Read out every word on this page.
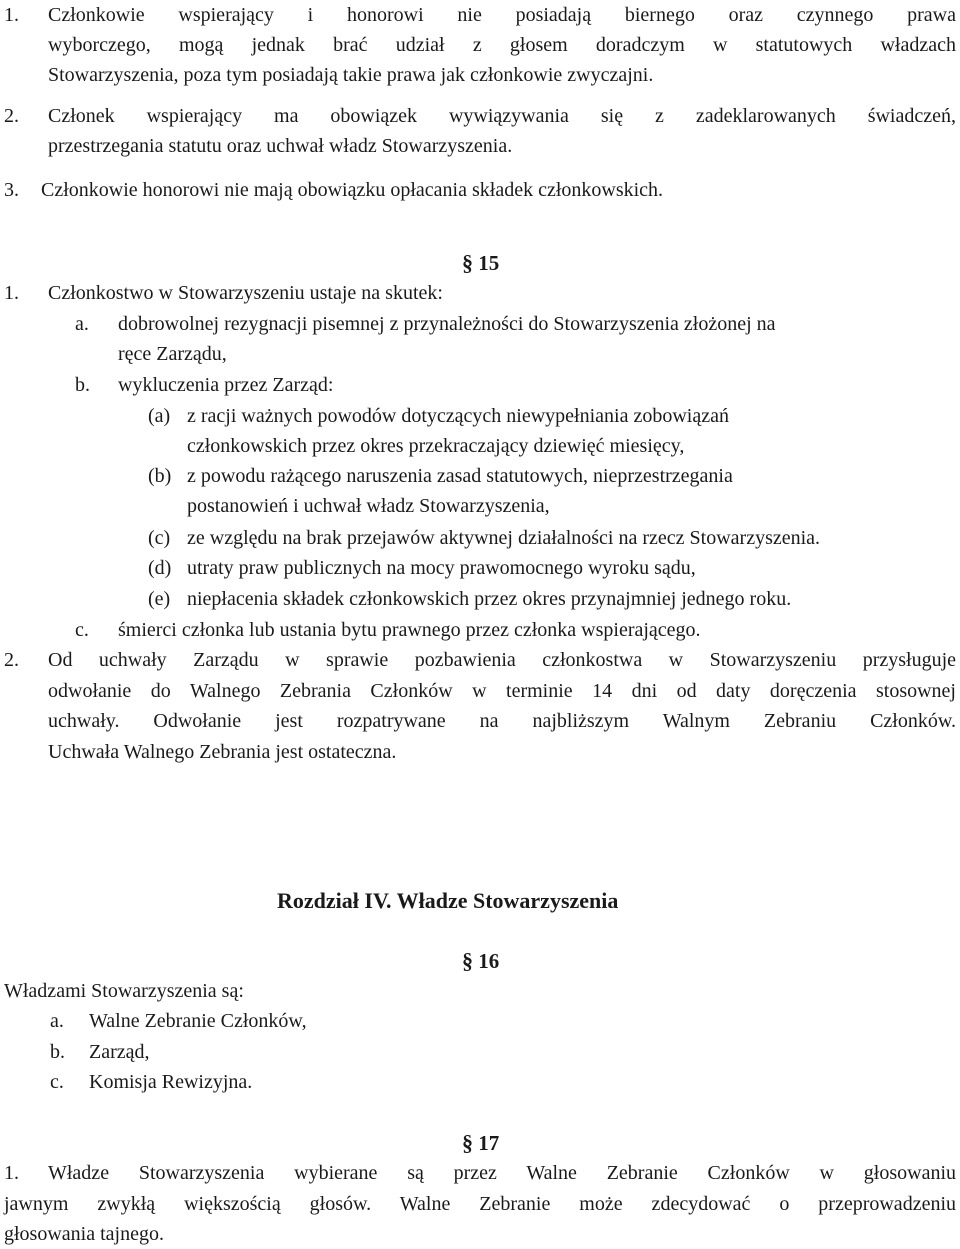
1. Członkowie wspierający i honorowi nie posiadają biernego oraz czynnego prawa
wyborczego, mogą jednak brać udział z głosem doradczym w statutowych władzach
Stowarzyszenia, poza tym posiadają takie prawa jak członkowie zwyczajni.
2. Członek wspierający ma obowiązek wywiązywania się z zadeklarowanych świadczeń,
przestrzegania statutu oraz uchwał władz Stowarzyszenia.
3. Członkowie honorowi nie mają obowiązku opłacania składek członkowskich.
§ 15
1. Członkostwo w Stowarzyszeniu ustaje na skutek:
a. dobrowolnej rezygnacji pisemnej z przynależności do Stowarzyszenia złożonej na
ręce Zarządu,
b. wykluczenia przez Zarząd:
(a) z racji ważnych powodów dotyczących niewypełniania zobowiązań
członkowskich przez okres przekraczający dziewięć miesięcy,
(b) z powodu rażącego naruszenia zasad statutowych, nieprzestrzegania
postanowień i uchwał władz Stowarzyszenia,
(c) ze względu na brak przejawów aktywnej działalności na rzecz Stowarzyszenia.
(d) utraty praw publicznych na mocy prawomocnego wyroku sądu,
(e) niepłacenia składek członkowskich przez okres przynajmniej jednego roku.
c. śmierci członka lub ustania bytu prawnego przez członka wspierającego.
2. Od uchwały Zarządu w sprawie pozbawienia członkostwa w Stowarzyszeniu przysługuje
odwołanie do Walnego Zebrania Członków w terminie 14 dni od daty doręczenia stosownej
uchwały. Odwołanie jest rozpatrywane na najbliższym Walnym Zebraniu Członków.
Uchwała Walnego Zebrania jest ostateczna.
Rozdział IV. Władze Stowarzyszenia
§ 16
Władzami Stowarzyszenia są:
a. Walne Zebranie Członków,
b. Zarząd,
c. Komisja Rewizyjna.
§ 17
1. Władze Stowarzyszenia wybierane są przez Walne Zebranie Członków w głosowaniu
jawnym zwykłą większością głosów. Walne Zebranie może zdecydować o przeprowadzeniu
głosowania tajnego.
